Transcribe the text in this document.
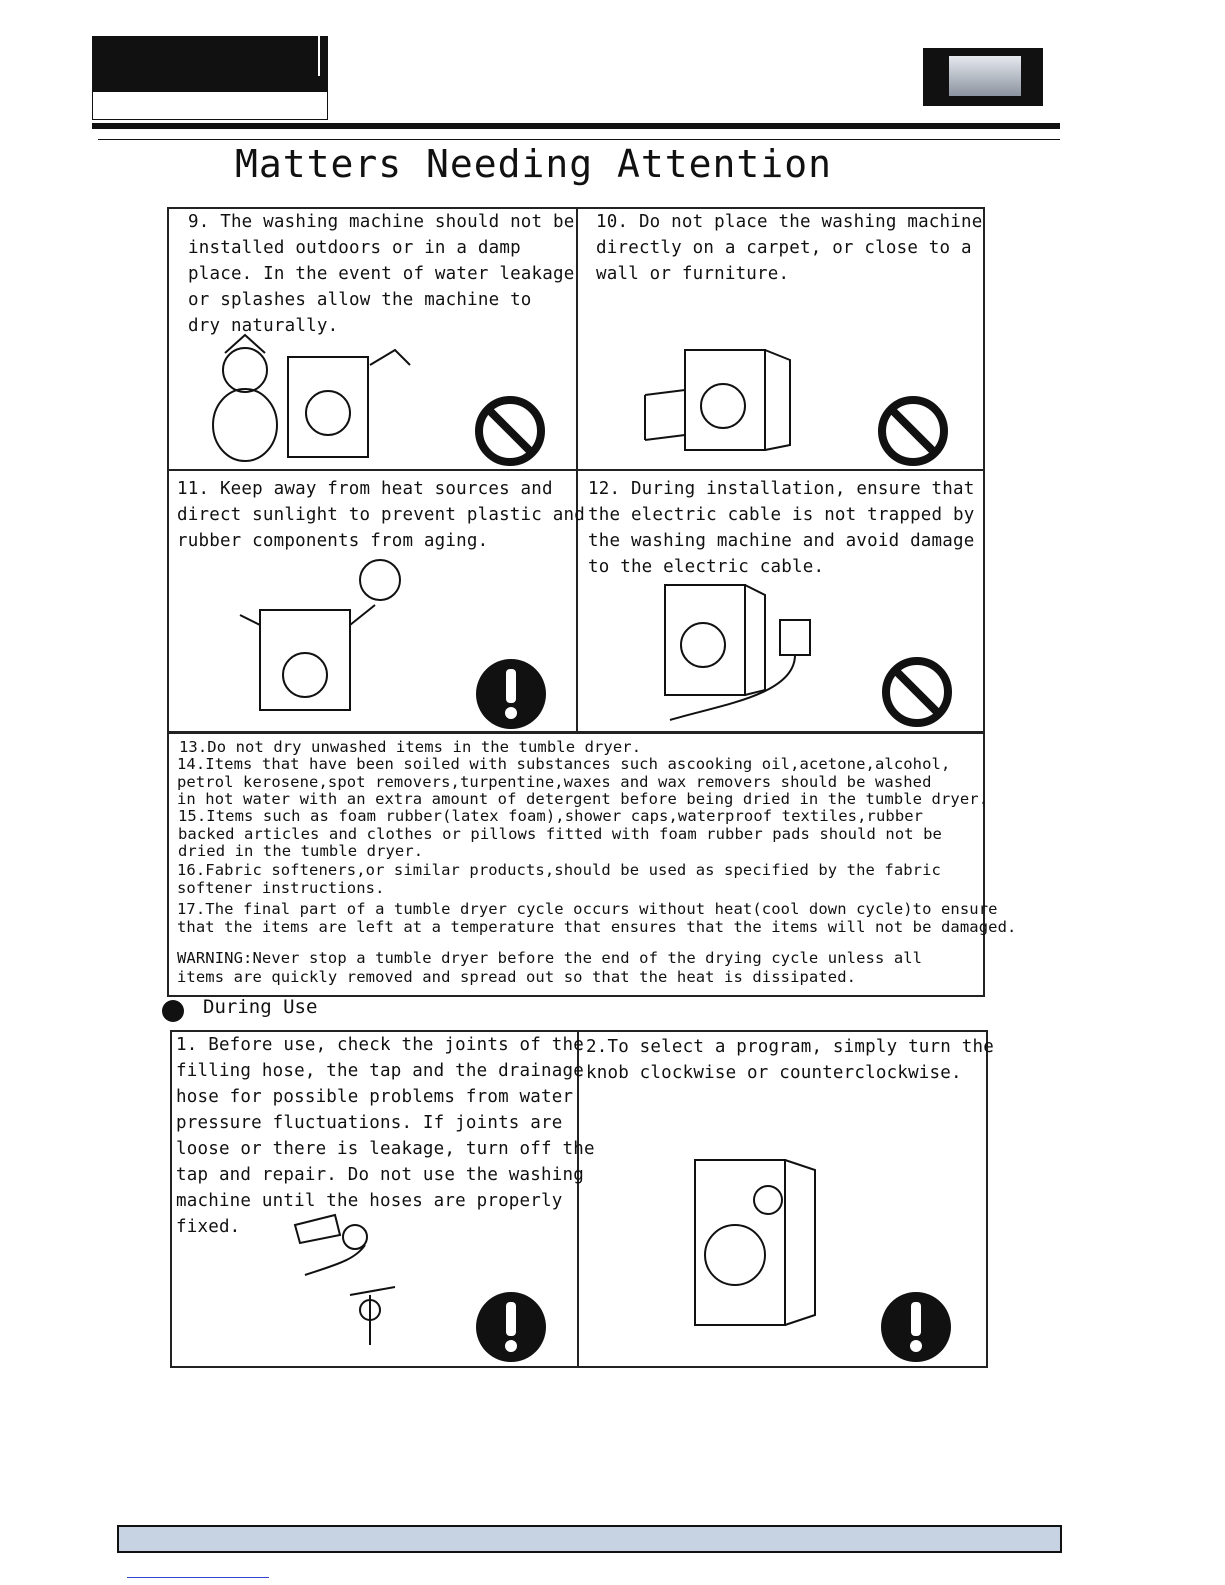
Matters Needing Attention
9. The washing machine should not be
installed outdoors or in a damp
place. In the event of water leakage
or splashes allow the machine to
dry naturally.
10. Do not place the washing machine
directly on a carpet, or close to a
wall or furniture.
11. Keep away from heat sources and
direct sunlight to prevent plastic and
rubber components from aging.
12. During installation, ensure that
the electric cable is not trapped by
the washing machine and avoid damage
to the electric cable.
13.Do not dry unwashed items in the tumble dryer.
14.Items that have been soiled with substances such ascooking oil,acetone,alcohol,
petrol kerosene,spot removers,turpentine,waxes and wax removers should be washed
in hot water with an extra amount of detergent before being dried in the tumble dryer.
15.Items such as foam rubber(latex foam),shower caps,waterproof textiles,rubber
backed articles and clothes or pillows fitted with foam rubber pads should not be
dried in the tumble dryer.
16.Fabric softeners,or similar products,should be used as specified by the fabric
softener instructions.
17.The final part of a tumble dryer cycle occurs without heat(cool down cycle)to ensure
that the items are left at a temperature that ensures that the items will not be damaged.
WARNING:Never stop a tumble dryer before the end of the drying cycle unless all
items are quickly removed and spread out so that the heat is dissipated.
During Use
1. Before use, check the joints of the
filling hose, the tap and the drainage
hose for possible problems from water
pressure fluctuations. If joints are
loose or there is leakage, turn off the
tap and repair. Do not use the washing
machine until the hoses are properly
fixed.
2.To select a program, simply turn the
knob clockwise or counterclockwise.
